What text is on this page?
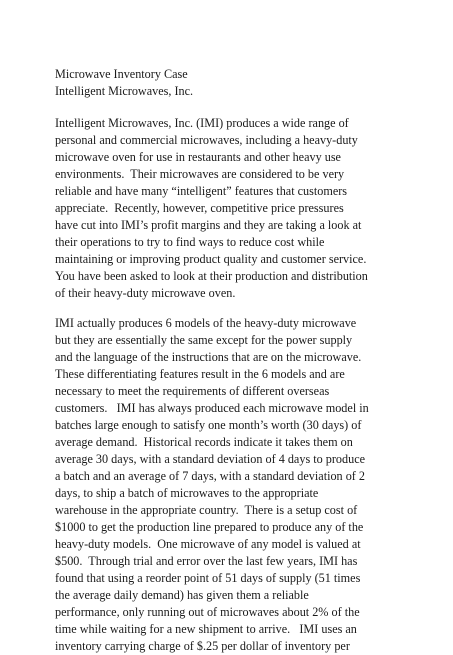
Microwave Inventory Case

Intelligent Microwaves, Inc.

Intelligent Microwaves, Inc. (IMI) produces a wide range of

personal and commercial microwaves, including a heavy-duty

microwave oven for use in restaurants and other heavy use

environments.  Their microwaves are considered to be very

reliable and have many “intelligent” features that customers

appreciate.  Recently, however, competitive price pressures

have cut into IMI’s profit margins and they are taking a look at

their operations to try to find ways to reduce cost while

maintaining or improving product quality and customer service.

You have been asked to look at their production and distribution

of their heavy-duty microwave oven.

IMI actually produces 6 models of the heavy-duty microwave

but they are essentially the same except for the power supply

and the language of the instructions that are on the microwave.

These differentiating features result in the 6 models and are

necessary to meet the requirements of different overseas

customers.   IMI has always produced each microwave model in

batches large enough to satisfy one month’s worth (30 days) of

average demand.  Historical records indicate it takes them on

average 30 days, with a standard deviation of 4 days to produce

a batch and an average of 7 days, with a standard deviation of 2

days, to ship a batch of microwaves to the appropriate

warehouse in the appropriate country.  There is a setup cost of

$1000 to get the production line prepared to produce any of the

heavy-duty models.  One microwave of any model is valued at

$500.  Through trial and error over the last few years, IMI has

found that using a reorder point of 51 days of supply (51 times

the average daily demand) has given them a reliable

performance, only running out of microwaves about 2% of the

time while waiting for a new shipment to arrive.   IMI uses an

inventory carrying charge of $.25 per dollar of inventory per
